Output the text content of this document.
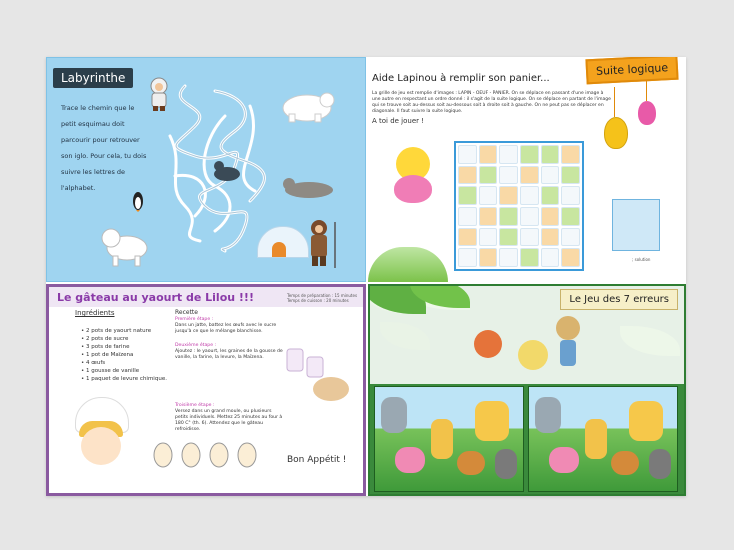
Labyrinthe
Trace le chemin que le petit esquimau doit parcourir pour retrouver son iglo. Pour cela, tu dois suivre les lettres de l'alphabet.
Aide Lapinou à remplir son panier...
Suite logique
La grille de jeu est remplie d'images : LAPIN - OEUF - PANIER. On se déplace en passant d'une image à une autre en respectant un ordre donné : il s'agit de la suite logique. On se déplace en partant de l'image qui se trouve soit au-dessus soit au-dessous soit à droite soit à gauche. On ne peut pas se déplacer en diagonale. Il faut suivre la suite logique.
A toi de jouer !
; solution
Le gâteau au yaourt de Lilou !!!	Temps de préparation : 15 minutes
Temps de cuisson : 20 minutes
Ingrédients
• 2 pots de yaourt nature
• 2 pots de sucre
• 3 pots de farine
• 1 pot de Maïzena
• 4 œufs
• 1 gousse de vanille
• 1 paquet de levure chimique.
Recette
Première étape :
Dans un jatte, battez les œufs avec le sucre jusqu'à ce que le mélange blanchisse.
Deuxième étape :
Ajoutez : le yaourt, les graines de la gousse de vanille, la farine, la levure, la Maïzena.
Troisième étape :
Versez dans un grand moule, ou plusieurs petits individuels. Mettez 25 minutes au four à 180 C° (th. 6). Attendez que le gâteau refroidisse.
Bon Appétit !
Le Jeu des 7 erreurs
